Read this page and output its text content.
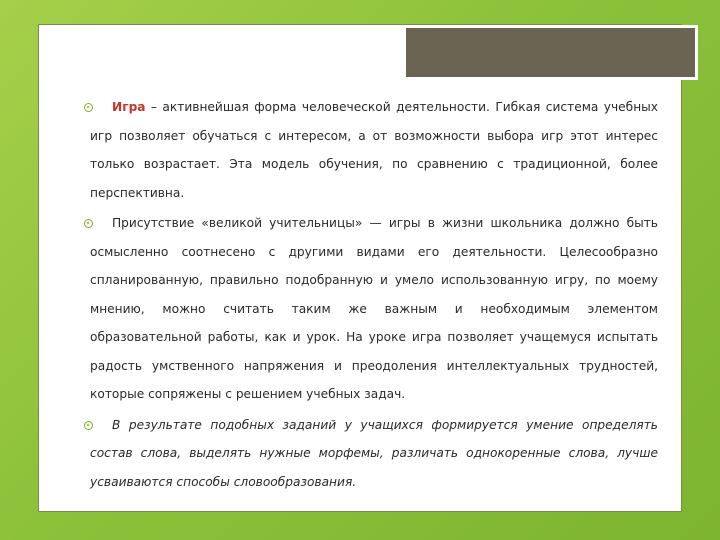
Игра – активнейшая форма человеческой деятельности. Гибкая система учебных игр позволяет обучаться с интересом, а от возможности выбора игр этот интерес только возрастает. Эта модель обучения, по сравнению с традиционной, более перспективна.

Присутствие «великой учительницы» — игры в жизни школьника должно быть осмысленно соотнесено с другими видами его деятельности. Целесообразно спланированную, правильно подобранную и умело использованную игру, по моему мнению, можно считать таким же важным и необходимым элементом образовательной работы, как и урок. На уроке игра позволяет учащемуся испытать радость умственного напряжения и преодоления интеллектуальных трудностей, которые сопряжены с решением учебных задач.

В результате подобных заданий у учащихся формируется умение определять состав слова, выделять нужные морфемы, различать однокоренные слова, лучше усваиваются способы словообразования.
